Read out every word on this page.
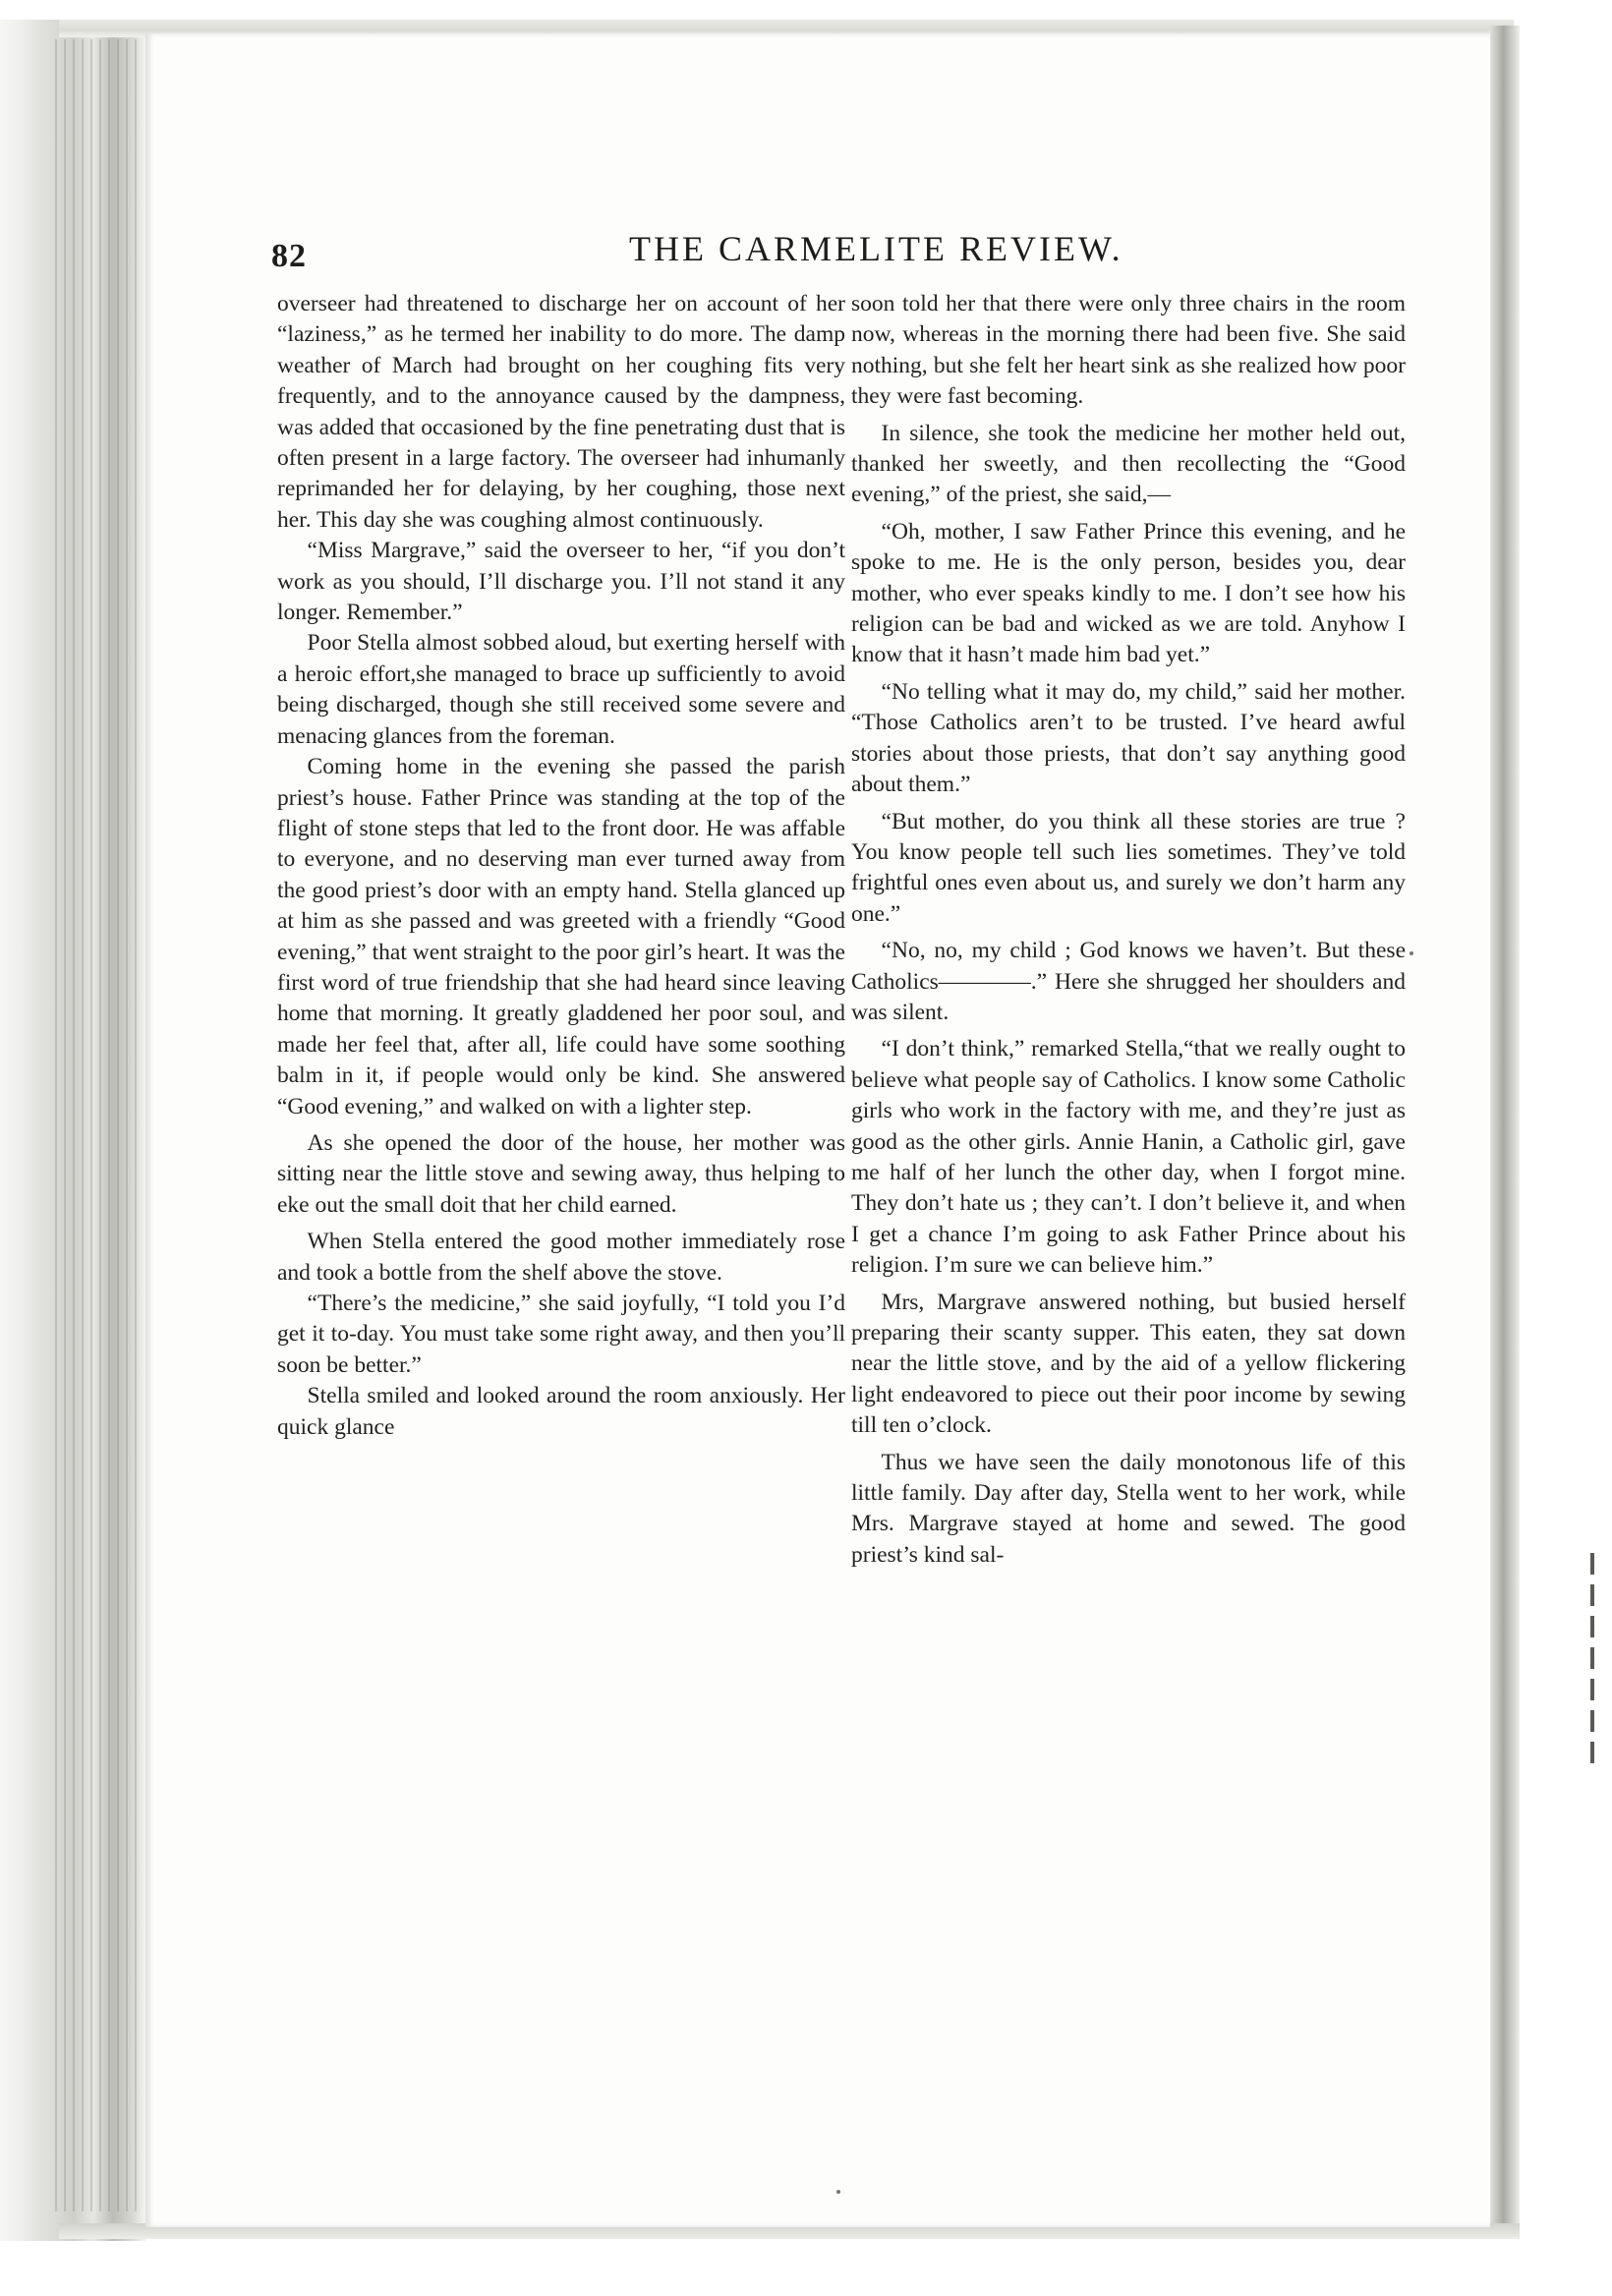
82	THE CARMELITE REVIEW.

overseer had threatened to discharge her on account of her “laziness,” as he termed her inability to do more. The damp weather of March had brought on her coughing fits very frequently, and to the annoyance caused by the dampness, was added that occasioned by the fine penetrating dust that is often present in a large factory. The overseer had inhumanly reprimanded her for delaying, by her coughing, those next her. This day she was coughing almost continuously.

“Miss Margrave,” said the overseer to her, “if you don’t work as you should, I’ll discharge you. I’ll not stand it any longer. Remember.”

Poor Stella almost sobbed aloud, but exerting herself with a heroic effort,she managed to brace up sufficiently to avoid being discharged, though she still received some severe and menacing glances from the foreman.

Coming home in the evening she passed the parish priest’s house. Father Prince was standing at the top of the flight of stone steps that led to the front door. He was affable to everyone, and no deserving man ever turned away from the good priest’s door with an empty hand. Stella glanced up at him as she passed and was greeted with a friendly “Good evening,” that went straight to the poor girl’s heart. It was the first word of true friendship that she had heard since leaving home that morning. It greatly gladdened her poor soul, and made her feel that, after all, life could have some soothing balm in it, if people would only be kind. She answered “Good evening,” and walked on with a lighter step.

As she opened the door of the house, her mother was sitting near the little stove and sewing away, thus helping to eke out the small doit that her child earned.

When Stella entered the good mother immediately rose and took a bottle from the shelf above the stove.

“There’s the medicine,” she said joyfully, “I told you I’d get it to-day. You must take some right away, and then you’ll soon be better.”

Stella smiled and looked around the room anxiously. Her quick glance

soon told her that there were only three chairs in the room now, whereas in the morning there had been five. She said nothing, but she felt her heart sink as she realized how poor they were fast becoming.

In silence, she took the medicine her mother held out, thanked her sweetly, and then recollecting the “Good evening,” of the priest, she said,—

“Oh, mother, I saw Father Prince this evening, and he spoke to me. He is the only person, besides you, dear mother, who ever speaks kindly to me. I don’t see how his religion can be bad and wicked as we are told. Anyhow I know that it hasn’t made him bad yet.”

“No telling what it may do, my child,” said her mother. “Those Catholics aren’t to be trusted. I’ve heard awful stories about those priests, that don’t say anything good about them.”

“But mother, do you think all these stories are true ? You know people tell such lies sometimes. They’ve told frightful ones even about us, and surely we don’t harm any one.”

“No, no, my child ; God knows we haven’t. But these Catholics————.” Here she shrugged her shoulders and was silent.

“I don’t think,” remarked Stella,“that we really ought to believe what people say of Catholics. I know some Catholic girls who work in the factory with me, and they’re just as good as the other girls. Annie Hanin, a Catholic girl, gave me half of her lunch the other day, when I forgot mine. They don’t hate us ; they can’t. I don’t believe it, and when I get a chance I’m going to ask Father Prince about his religion. I’m sure we can believe him.”

Mrs, Margrave answered nothing, but busied herself preparing their scanty supper. This eaten, they sat down near the little stove, and by the aid of a yellow flickering light endeavored to piece out their poor income by sewing till ten o’clock.

Thus we have seen the daily monotonous life of this little family. Day after day, Stella went to her work, while Mrs. Margrave stayed at home and sewed. The good priest’s kind sal-
